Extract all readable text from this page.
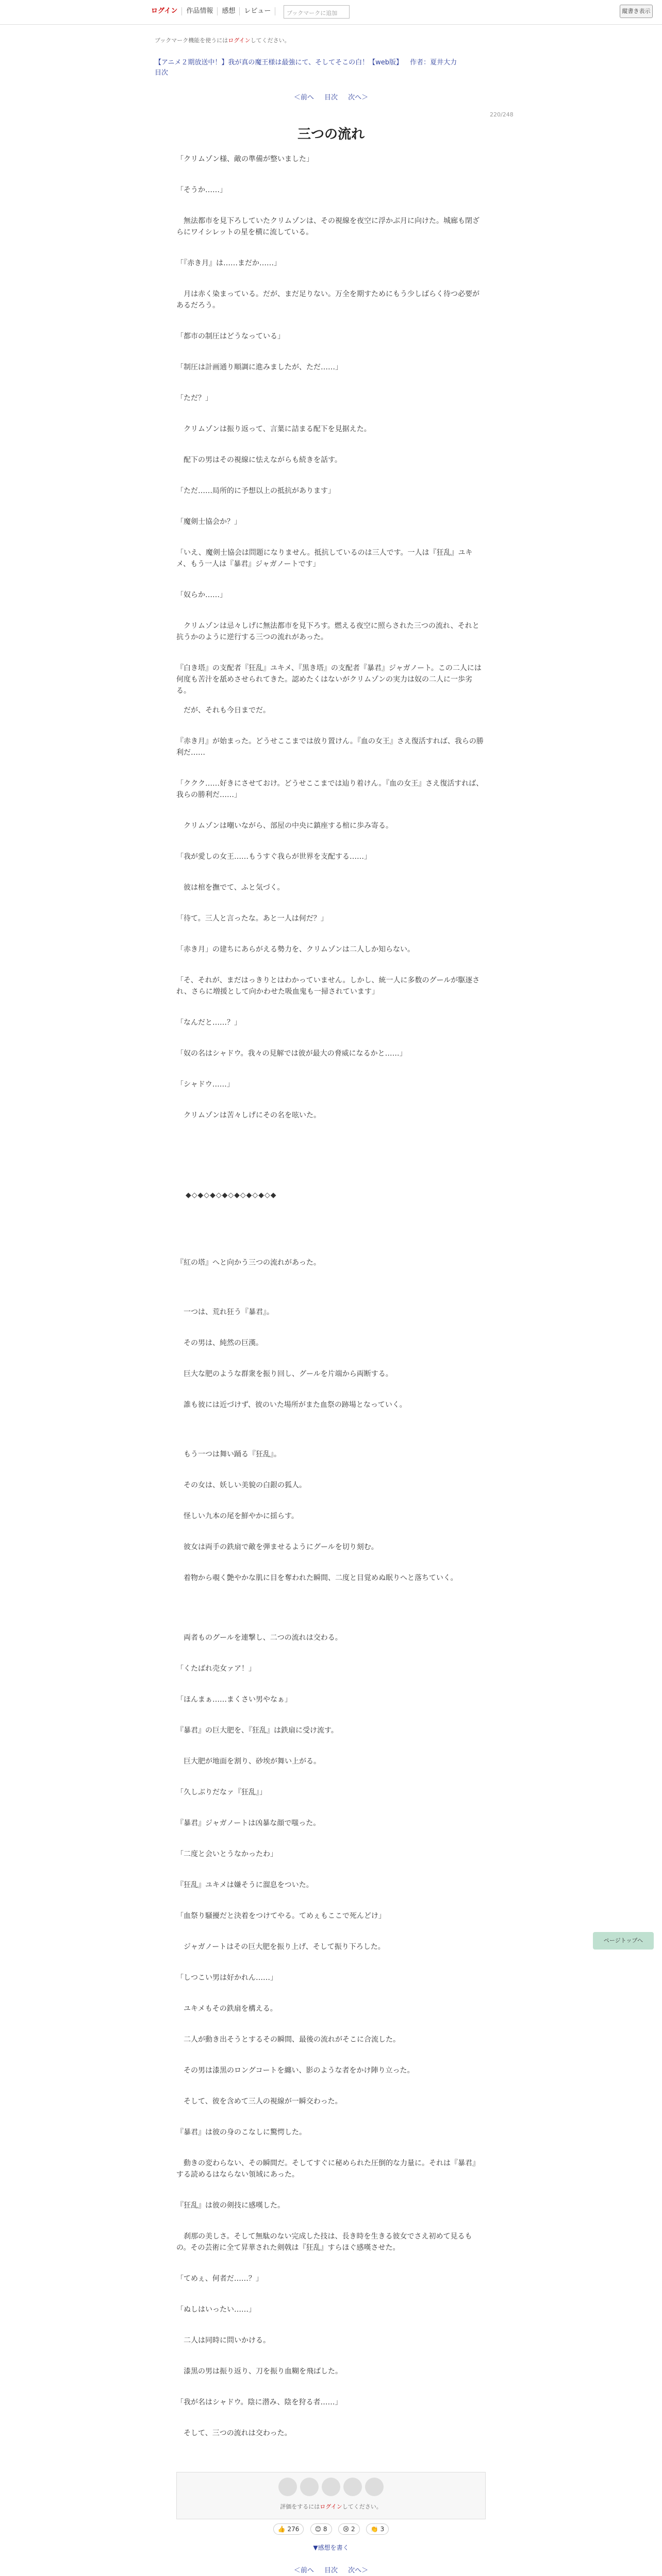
ログイン	作品情報	感想	レビュー	ブックマークに追加	縦書き表示
ブックマーク機能を使うにはログインしてください。
【アニメ２期放送中！】我が真の魔王様は最強にて、そしてそこの白！【web版】 作者：夏井大力
目次
＜前へ 目次 次へ＞
220/248
三つの流れ
「クリムゾン様、敵の準備が整いました」
「そうか……」
　無法都市を見下ろしていたクリムゾンは、その視線を夜空に浮かぶ月に向けた。城廊も閉ざらにワイシレットの星を横に流している。
「『赤き月』は……まだか……」
　月は赤く染まっている。だが、まだ足りない。万全を期すためにもう少しばらく待つ必要があるだろう。
「都市の制圧はどうなっている」
「制圧は計画通り順調に進みましたが、ただ……」
「ただ？」
　クリムゾンは振り返って、言葉に詰まる配下を見据えた。
　配下の男はその視線に怯えながらも続きを話す。
「ただ……局所的に予想以上の抵抗があります」
「魔剣士協会か？」
「いえ、魔剣士協会は問題になりません。抵抗しているのは三人です。一人は『狂乱』ユキメ、もう一人は『暴君』ジャガノートです」
「奴らか……」
　クリムゾンは忌々しげに無法都市を見下ろす。燃える夜空に照らされた三つの流れ、それと抗うかのように逆行する三つの流れがあった。
『白き塔』の支配者『狂乱』ユキメ、『黒き塔』の支配者『暴君』ジャガノート。この二人には何度も苦汁を舐めさせられてきた。認めたくはないがクリムゾンの実力は奴の二人に一歩劣る。
　だが、それも今日までだ。
『赤き月』が始まった。どうせここまでは放り置けん。『血の女王』さえ復活すれば、我らの勝利だ……
「ククク……好きにさせておけ。どうせここまでは辿り着けん。『血の女王』さえ復活すれば、我らの勝利だ……」
　クリムゾンは嘲いながら、部屋の中央に鎮座する棺に歩み寄る。
「我が愛しの女王……もうすぐ我らが世界を支配する……」
　彼は棺を撫でて、ふと気づく。
「待て。三人と言ったな。あと一人は何だ？」
「赤き月」の建ちにあらがえる勢力を、クリムゾンは二人しか知らない。
「そ、それが、まだはっきりとはわかっていません。しかし、統一人に多数のグールが駆逐され、さらに増援として向かわせた吸血鬼も一掃されています」
「なんだと……？」
「奴の名はシャドウ。我々の見解では彼が最大の脅威になるかと……」
「シャドウ……」
　クリムゾンは苦々しげにその名を呟いた。
◆◇◆◇◆◇◆◇◆◇◆◇◆◇◆
『紅の塔』へと向かう三つの流れがあった。
　一つは、荒れ狂う『暴君』。
　その男は、純然の巨漢。
　巨大な肥のような群衆を振り回し、グールを片端から両断する。
　誰も彼には近づけず、彼のいた場所がまた血祭の跡場となっていく。
　もう一つは舞い踊る『狂乱』。
　その女は、妖しい美貌の白銀の狐人。
　怪しい九本の尾を鮮やかに揺らす。
　彼女は両手の鉄扇で敵を弾ませるようにグールを切り刻む。
　着物から覗く艶やかな肌に目を奪われた瞬間、二度と目覚めぬ眠りへと落ちていく。
　両者ものグールを連撃し、二つの流れは交わる。
「くたばれ売女ァア！」
「ほんまぁ……まくさい男やなぁ」
『暴君』の巨大肥を、『狂乱』は鉄扇に受け流す。
　巨大肥が地面を割り、砂埃が舞い上がる。
「久しぶりだなァ『狂乱』」
『暴君』ジャガノートは凶暴な顔で嗤った。
「二度と会いとうなかったわ」
『狂乱』ユキメは嫌そうに溜息をついた。
「血祭り騒擾だと決着をつけてやる。てめぇもここで死んどけ」
　ジャガノートはその巨大肥を振り上げ、そして振り下ろした。
「しつこい男は好かれん……」
　ユキメもその鉄扇を構える。
　二人が動き出そうとするその瞬間、最後の流れがそこに合流した。
　その男は漆黒のロングコートを纏い、影のような者をかけ陣り立った。
　そして、彼を含めて三人の視線が一瞬交わった。
『暴君』は彼の身のこなしに驚愕した。
　動きの変わらない、その瞬間だ。そしてすぐに秘められた圧倒的な力量に。それは『暴君』する読めるはならない領域にあった。
『狂乱』は彼の剣技に感嘆した。
　刹那の美しさ。そして無駄のない完成した技は、長き時を生きる彼女でさえ初めて見るもの。その芸術に全て昇華された剣戟は『狂乱』すらほぐ感嘆させた。
「てめぇ、何者だ……？」
「ぬしはいったい……」
　二人は同時に問いかける。
　漆黒の男は振り返り、刀を振り血糊を飛ばした。
「我が名はシャドウ。陰に潜み、陰を狩る者……」
　そして、三つの流れは交わった。
評価をするにはログインしてください。
👍 276	😊 8	😢 2	👏 3
▼感想を書く
＜前へ 目次 次へ＞

ページトップへ
